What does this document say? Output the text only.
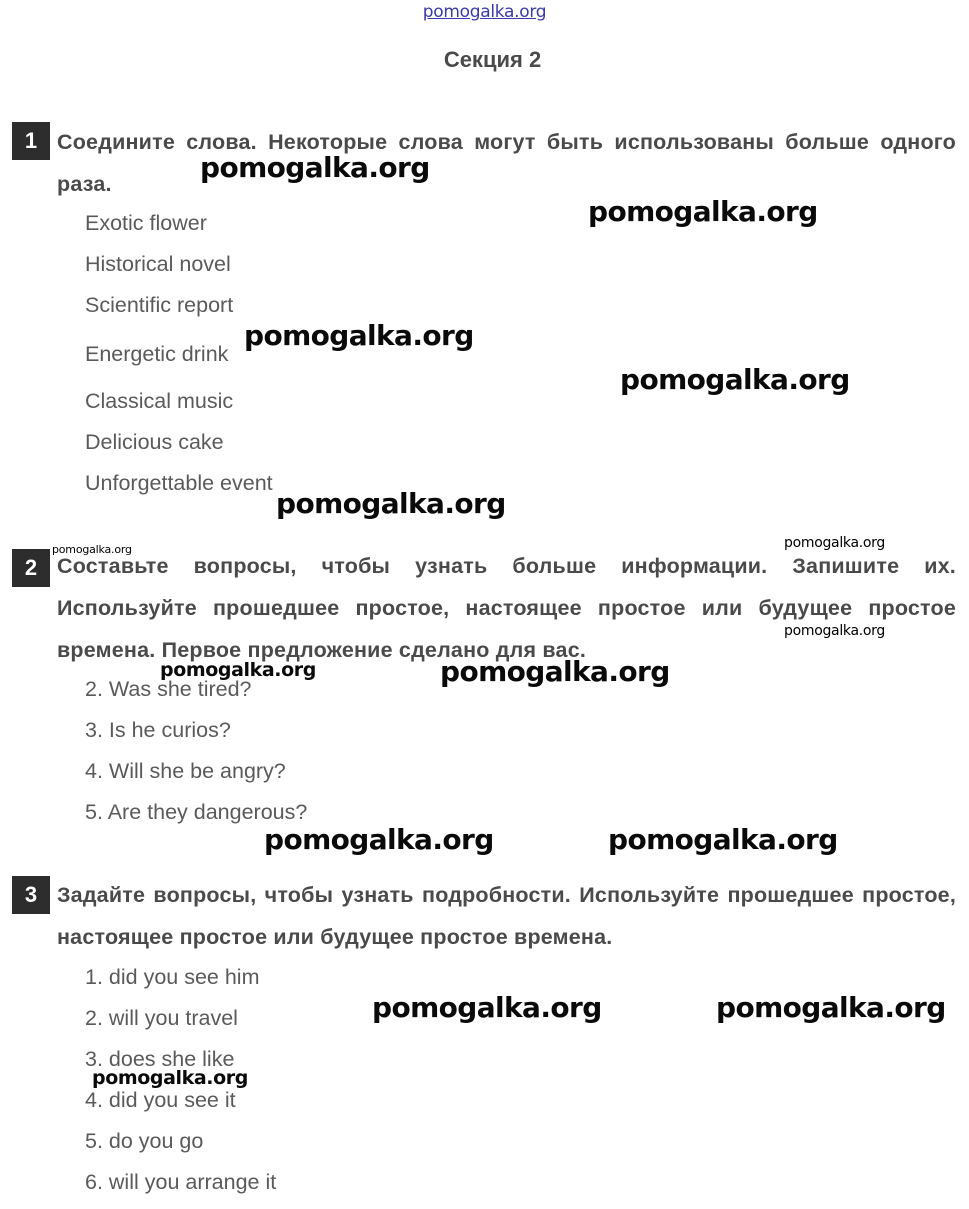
pomogalka.org
Секция 2
1 Соедините слова. Некоторые слова могут быть использованы больше одного раза.
Exotic flower
Historical novel
Scientific report
Energetic drink
Classical music
Delicious cake
Unforgettable event
2 Составьте вопросы, чтобы узнать больше информации. Запишите их. Используйте прошедшее простое, настоящее простое или будущее простое времена. Первое предложение сделано для вас.
2. Was she tired?
3. Is he curios?
4. Will she be angry?
5. Are they dangerous?
3 Задайте вопросы, чтобы узнать подробности. Используйте прошедшее простое, настоящее простое или будущее простое времена.
1. did you see him
2. will you travel
3. does she like
4. did you see it
5. do you go
6. will you arrange it
pomogalka.org
pomogalka.org
pomogalka.org
pomogalka.org
pomogalka.org
pomogalka.org	pomogalka.org
pomogalka.org
pomogalka.org	pomogalka.org
pomogalka.org	pomogalka.org
pomogalka.org	pomogalka.org
pomogalka.org
